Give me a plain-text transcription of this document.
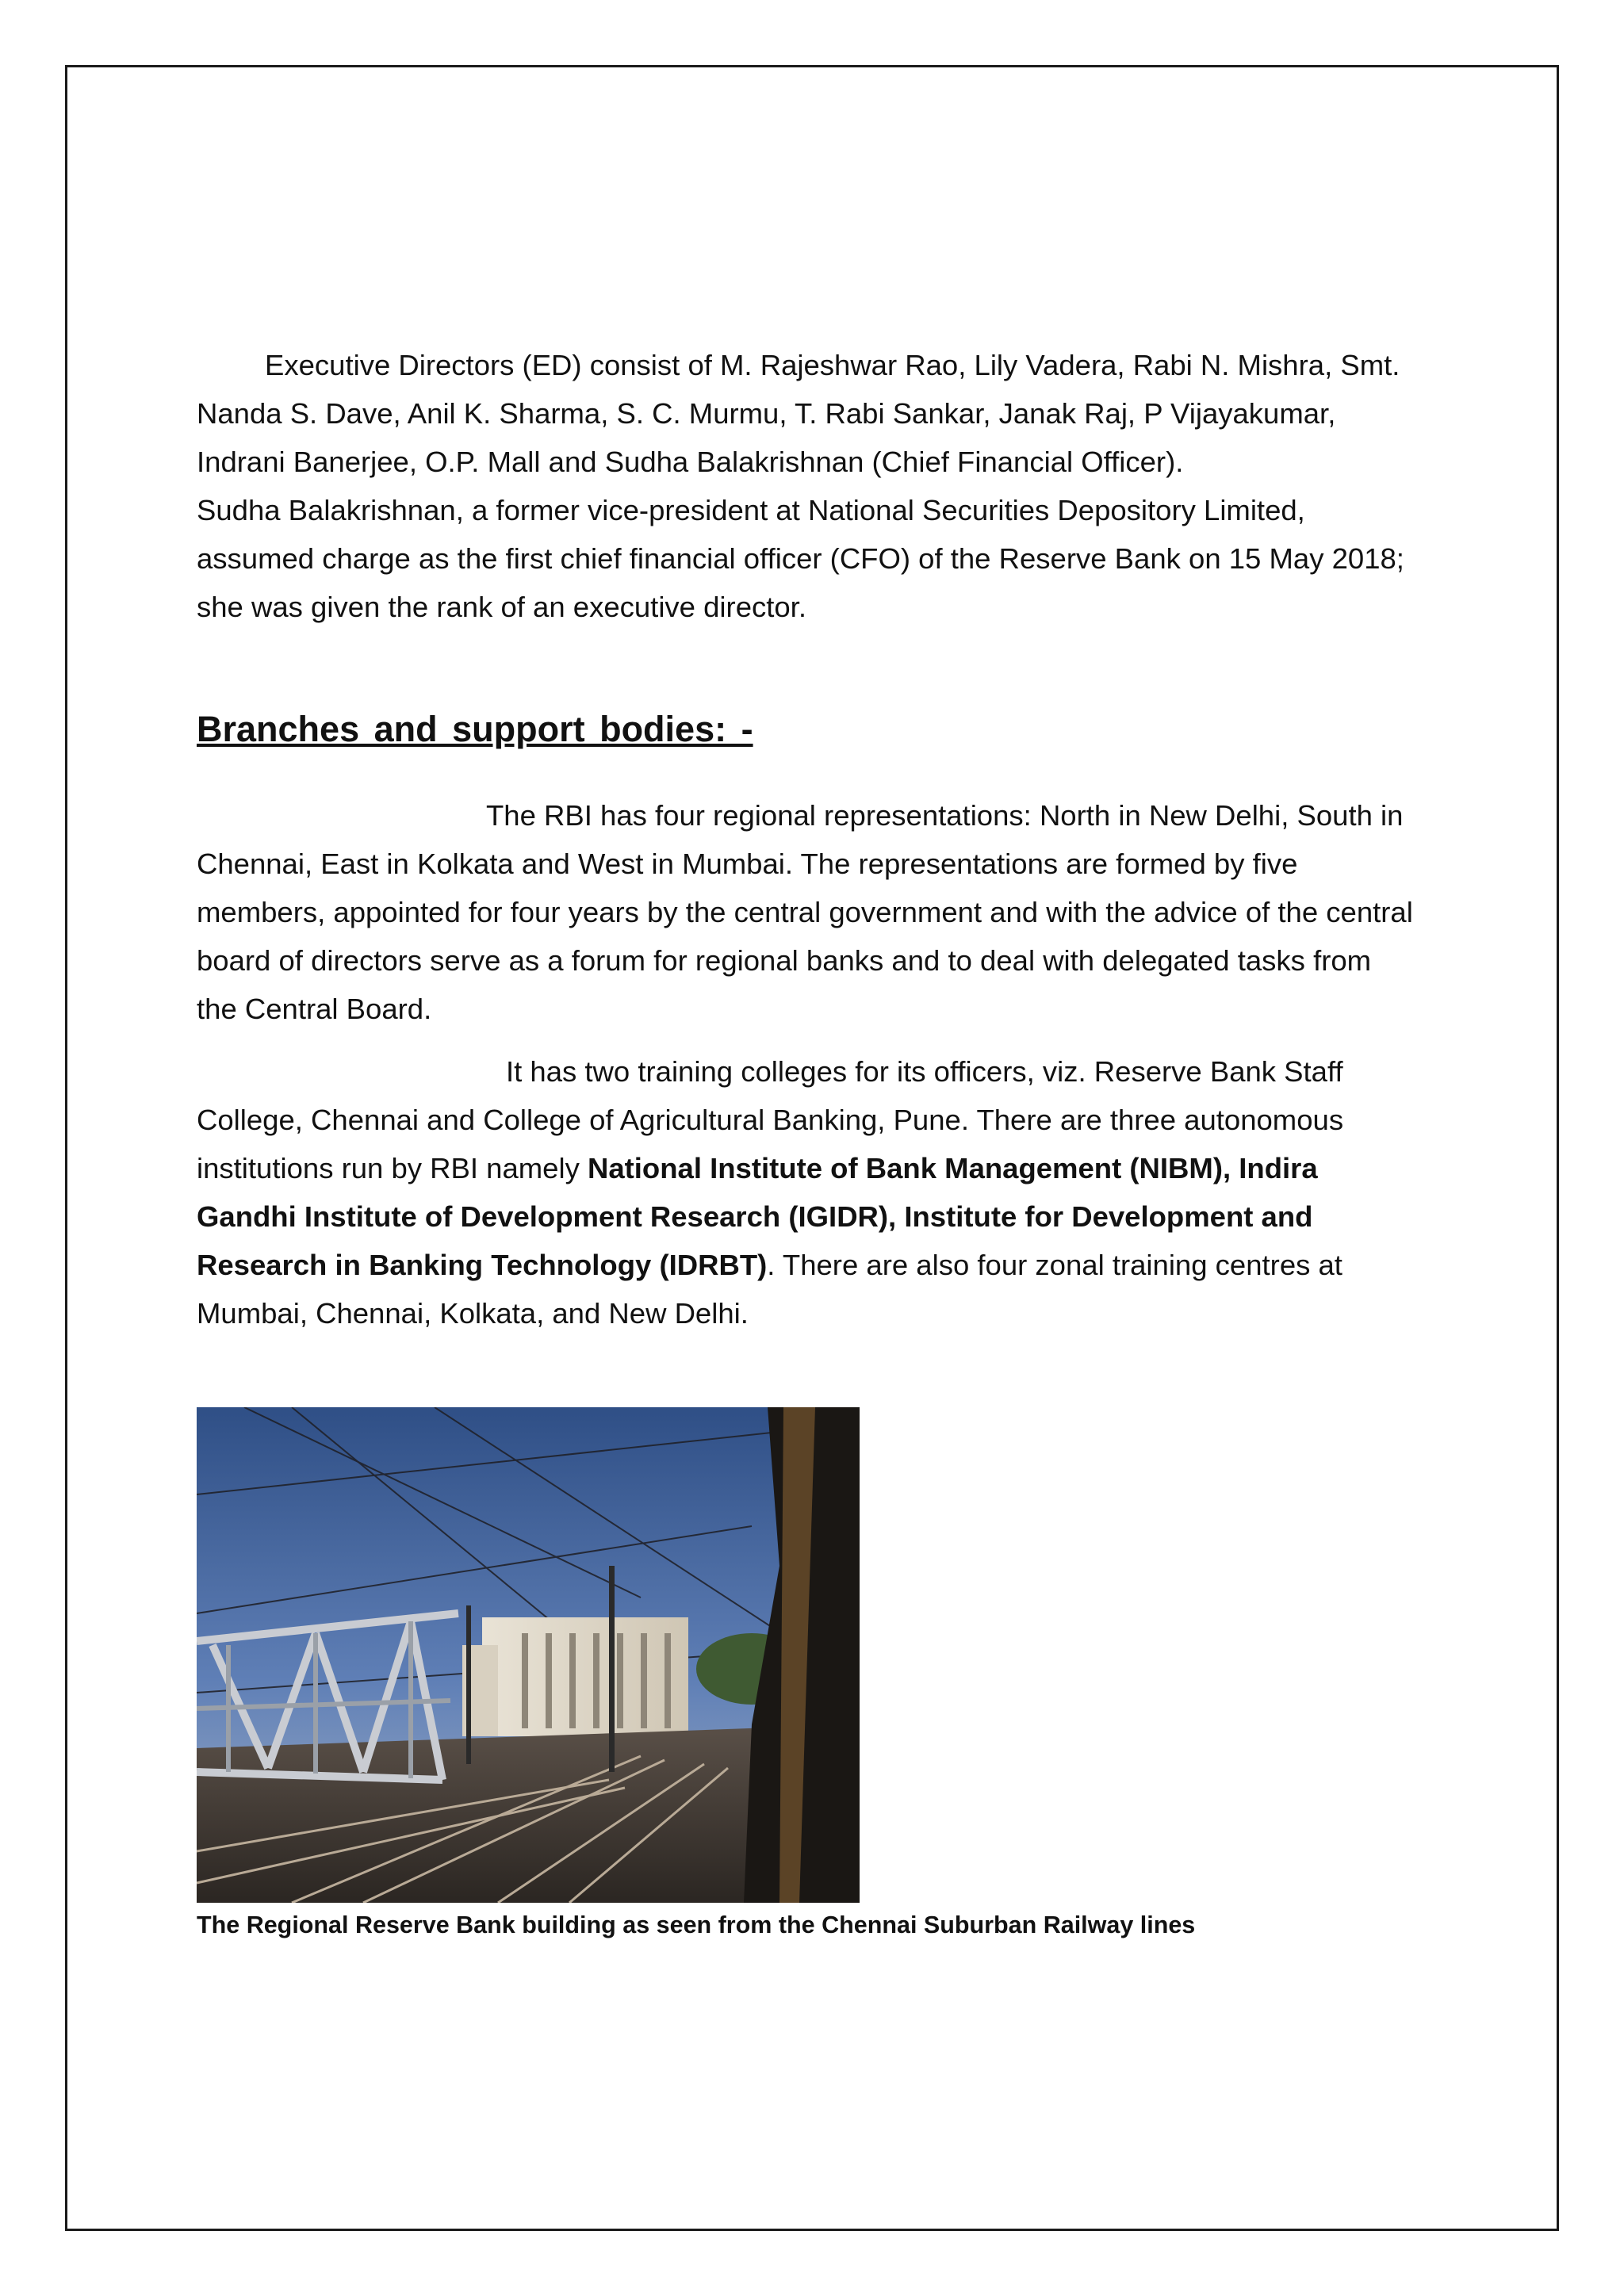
Executive Directors (ED) consist of M. Rajeshwar Rao, Lily Vadera, Rabi N. Mishra, Smt. Nanda S. Dave, Anil K. Sharma, S. C. Murmu, T. Rabi Sankar, Janak Raj, P Vijayakumar, Indrani Banerjee, O.P. Mall and Sudha Balakrishnan (Chief Financial Officer).

Sudha Balakrishnan, a former vice-president at National Securities Depository Limited, assumed charge as the first chief financial officer (CFO) of the Reserve Bank on 15 May 2018; she was given the rank of an executive director.

Branches and support bodies: -

The RBI has four regional representations: North in New Delhi, South in Chennai, East in Kolkata and West in Mumbai. The representations are formed by five members, appointed for four years by the central government and with the advice of the central board of directors serve as a forum for regional banks and to deal with delegated tasks from the Central Board.

It has two training colleges for its officers, viz. Reserve Bank Staff College, Chennai and College of Agricultural Banking, Pune. There are three autonomous institutions run by RBI namely National Institute of Bank Management (NIBM), Indira Gandhi Institute of Development Research (IGIDR), Institute for Development and Research in Banking Technology (IDRBT). There are also four zonal training centres at Mumbai, Chennai, Kolkata, and New Delhi.

The Regional Reserve Bank building as seen from the Chennai Suburban Railway lines
